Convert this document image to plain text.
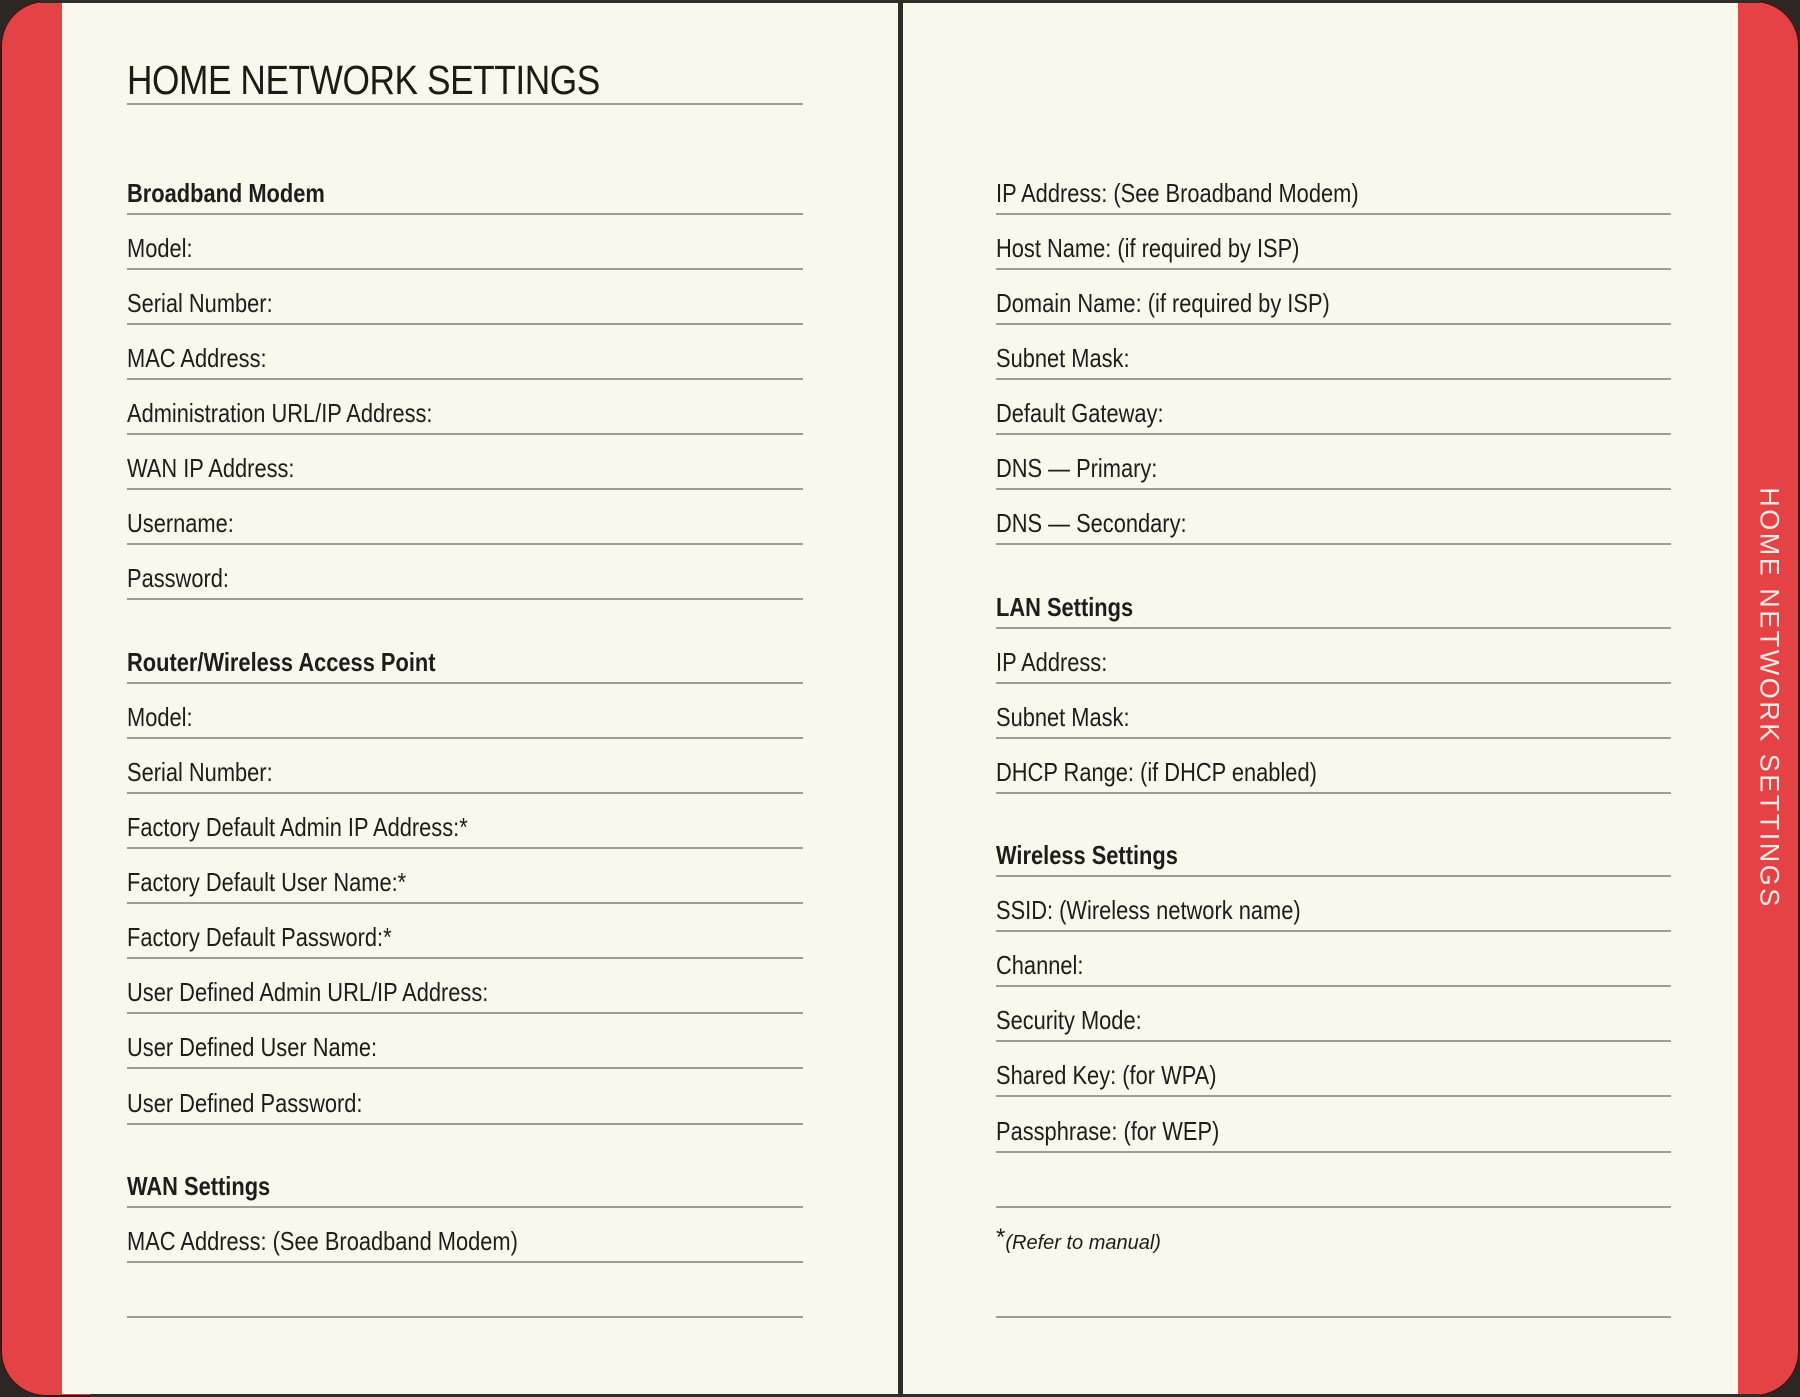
HOME NETWORK SETTINGS
HOME NETWORK SETTINGS
Broadband Modem
Model:
Serial Number:
MAC Address:
Administration URL/IP Address:
WAN IP Address:
Username:
Password:
Router/Wireless Access Point
Model:
Serial Number:
Factory Default Admin IP Address:*
Factory Default User Name:*
Factory Default Password:*
User Defined Admin URL/IP Address:
User Defined User Name:
User Defined Password:
WAN Settings
MAC Address: (See Broadband Modem)
IP Address: (See Broadband Modem)
Host Name: (if required by ISP)
Domain Name: (if required by ISP)
Subnet Mask:
Default Gateway:
DNS — Primary:
DNS — Secondary:
LAN Settings
IP Address:
Subnet Mask:
DHCP Range: (if DHCP enabled)
Wireless Settings
SSID: (Wireless network name)
Channel:
Security Mode:
Shared Key: (for WPA)
Passphrase: (for WEP)
*(Refer to manual)
